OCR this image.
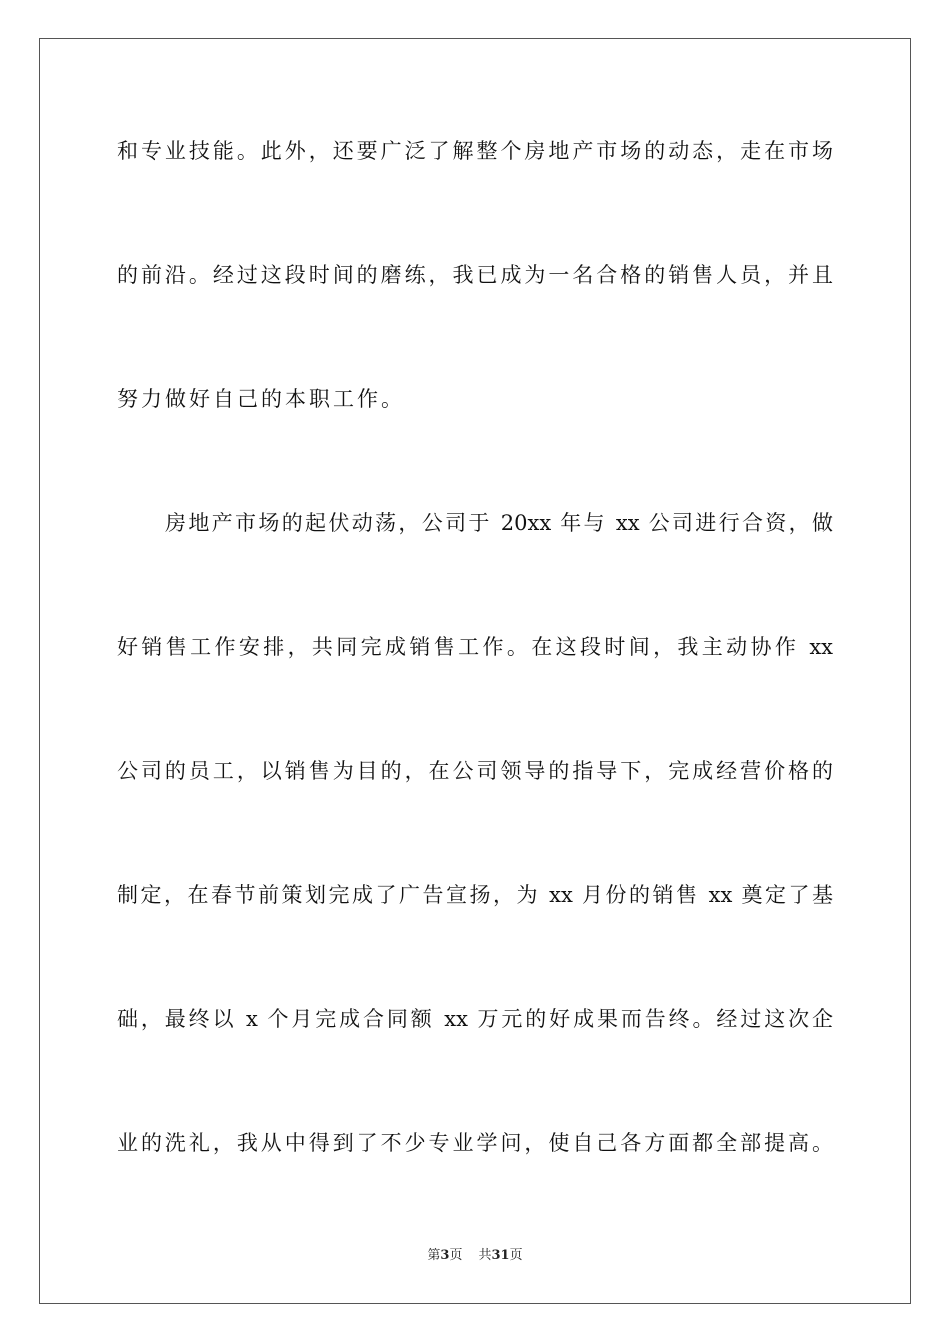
和专业技能。此外，还要广泛了解整个房地产市场的动态，走在市场
的前沿。经过这段时间的磨练，我已成为一名合格的销售人员，并且
努力做好自己的本职工作。
房地产市场的起伏动荡，公司于 20xx 年与 xx 公司进行合资，做
好销售工作安排，共同完成销售工作。在这段时间，我主动协作 xx
公司的员工，以销售为目的，在公司领导的指导下，完成经营价格的
制定，在春节前策划完成了广告宣扬，为 xx 月份的销售 xx 奠定了基
础，最终以 x 个月完成合同额 xx 万元的好成果而告终。经过这次企
业的洗礼，我从中得到了不少专业学问，使自己各方面都全部提高。
第3页 共31页
